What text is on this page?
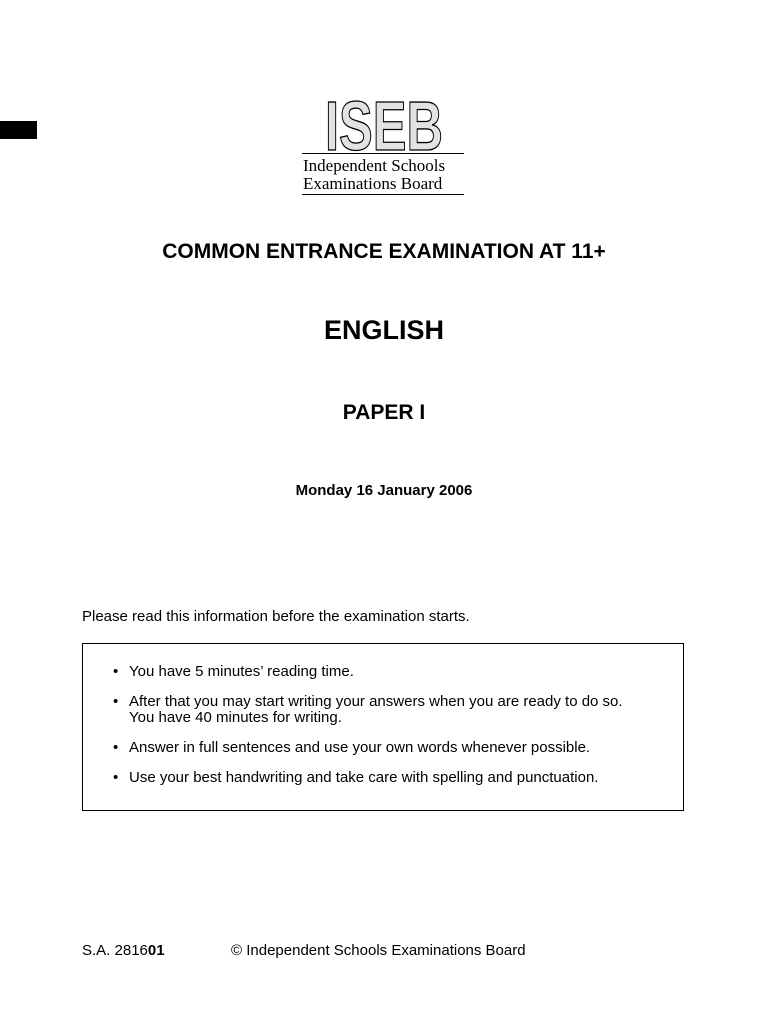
ISEB
Independent Schools
Examinations Board
COMMON ENTRANCE EXAMINATION AT 11+
ENGLISH
PAPER I
Monday 16 January 2006
Please read this information before the examination starts.
• You have 5 minutes’ reading time.
• After that you may start writing your answers when you are ready to do so.
You have 40 minutes for writing.
• Answer in full sentences and use your own words whenever possible.
• Use your best handwriting and take care with spelling and punctuation.
S.A. 281601	© Independent Schools Examinations Board
